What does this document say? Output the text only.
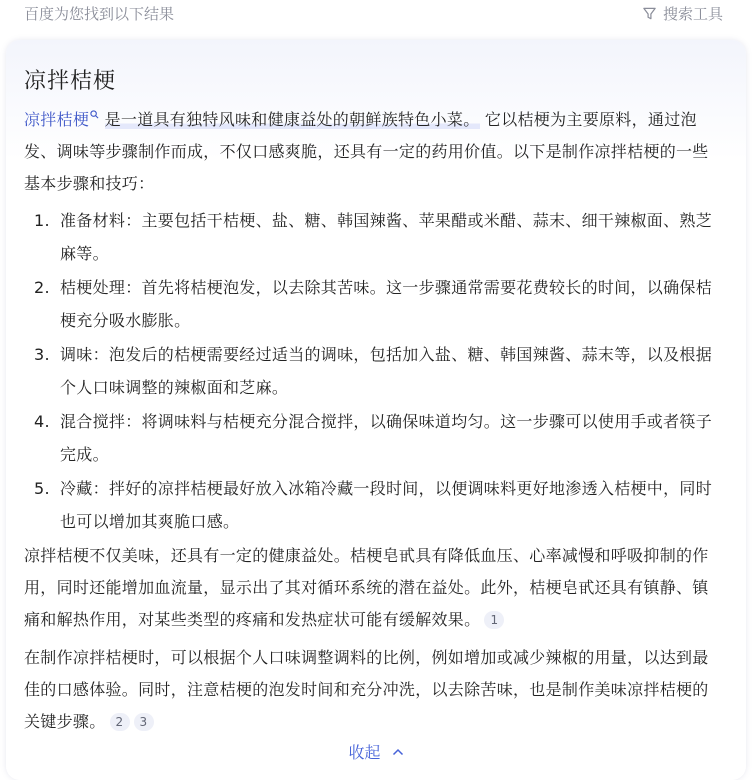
百度为您找到以下结果	搜索工具
凉拌桔梗

凉拌桔梗 是一道具有独特风味和健康益处的朝鲜族特色小菜。 它以桔梗为主要原料，通过泡发、调味等步骤制作而成，不仅口感爽脆，还具有一定的药用价值。以下是制作凉拌桔梗的一些基本步骤和技巧：

1. 准备材料：主要包括干桔梗、盐、糖、韩国辣酱、苹果醋或米醋、蒜末、细干辣椒面、熟芝麻等。
2. 桔梗处理：首先将桔梗泡发，以去除其苦味。这一步骤通常需要花费较长的时间，以确保桔梗充分吸水膨胀。
3. 调味：泡发后的桔梗需要经过适当的调味，包括加入盐、糖、韩国辣酱、蒜末等，以及根据个人口味调整的辣椒面和芝麻。
4. 混合搅拌：将调味料与桔梗充分混合搅拌，以确保味道均匀。这一步骤可以使用手或者筷子完成。
5. 冷藏：拌好的凉拌桔梗最好放入冰箱冷藏一段时间，以便调味料更好地渗透入桔梗中，同时也可以增加其爽脆口感。

凉拌桔梗不仅美味，还具有一定的健康益处。桔梗皂甙具有降低血压、心率减慢和呼吸抑制的作用，同时还能增加血流量，显示出了其对循环系统的潜在益处。此外，桔梗皂甙还具有镇静、镇痛和解热作用，对某些类型的疼痛和发热症状可能有缓解效果。 1

在制作凉拌桔梗时，可以根据个人口味调整调料的比例，例如增加或减少辣椒的用量，以达到最佳的口感体验。同时，注意桔梗的泡发时间和充分冲洗，以去除苦味，也是制作美味凉拌桔梗的关键步骤。 2 3

收起
